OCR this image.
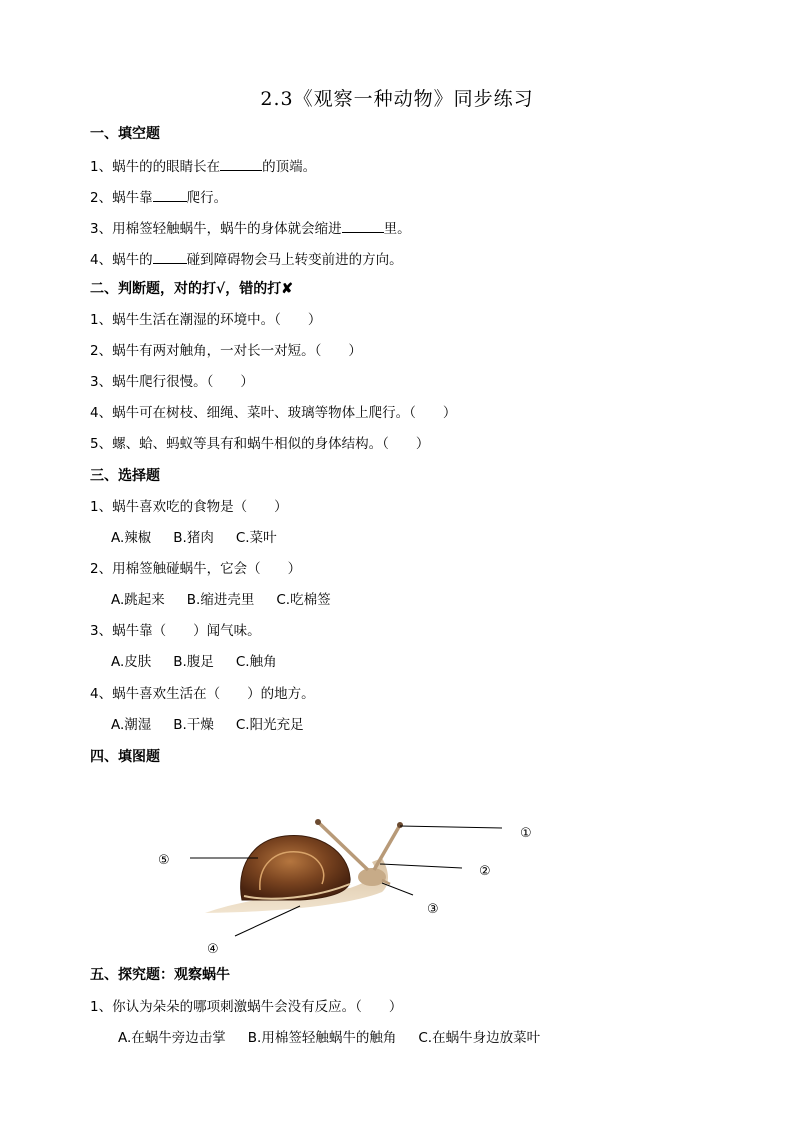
2.3《观察一种动物》同步练习
一、填空题
1、蜗牛的的眼睛长在	的顶端。
2、蜗牛靠	爬行。
3、用棉签轻触蜗牛，蜗牛的身体就会缩进	里。
4、蜗牛的	碰到障碍物会马上转变前进的方向。
二、判断题，对的打√，错的打✘
1、蜗牛生活在潮湿的环境中。（　　）
2、蜗牛有两对触角，一对长一对短。（　　）
3、蜗牛爬行很慢。（　　）
4、蜗牛可在树枝、细绳、菜叶、玻璃等物体上爬行。（　　）
5、螺、蛤、蚂蚁等具有和蜗牛相似的身体结构。（　　）
三、选择题
1、蜗牛喜欢吃的食物是（　　）
A.辣椒 B.猪肉 C.菜叶
2、用棉签触碰蜗牛，它会（　　）
A.跳起来 B.缩进壳里 C.吃棉签
3、蜗牛靠（　　）闻气味。
A.皮肤 B.腹足 C.触角
4、蜗牛喜欢生活在（　　）的地方。
A.潮湿 B.干燥 C.阳光充足
四、填图题
①
②
③
④
⑤
五、探究题：观察蜗牛
1、你认为朵朵的哪项刺激蜗牛会没有反应。（　　）
A.在蜗牛旁边击掌 B.用棉签轻触蜗牛的触角 C.在蜗牛身边放菜叶
